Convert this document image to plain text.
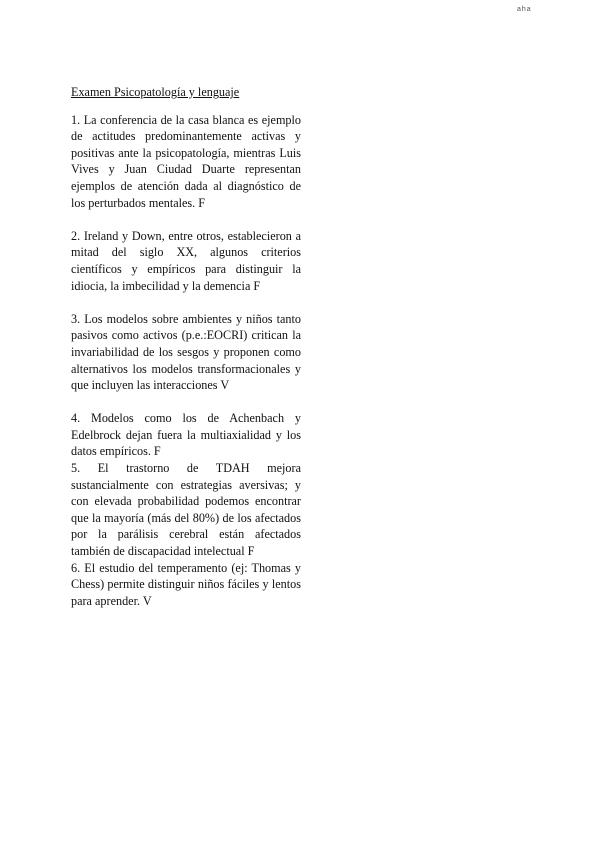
aha
Examen Psicopatología y lenguaje

1. La conferencia de la casa blanca es ejemplo de actitudes predominantemente activas y positivas ante la psicopatología, mientras Luis Vives y Juan Ciudad Duarte representan ejemplos de atención dada al diagnóstico de los perturbados mentales. F

2. Ireland y Down, entre otros, establecieron a mitad del siglo XX, algunos criterios científicos y empíricos para distinguir la idiocia, la imbecilidad y la demencia F

3. Los modelos sobre ambientes y niños tanto pasivos como activos (p.e.:EOCRI) critican la invariabilidad de los sesgos y proponen como alternativos los modelos transformacionales y que incluyen las interacciones V

4. Modelos como los de Achenbach y Edelbrock dejan fuera la multiaxialidad y los datos empíricos. F

5. El trastorno de TDAH mejora sustancialmente con estrategias aversivas; y con elevada probabilidad podemos encontrar que la mayoría (más del 80%) de los afectados por la parálisis cerebral están afectados también de discapacidad intelectual F

6. El estudio del temperamento (ej: Thomas y Chess) permite distinguir niños fáciles y lentos para aprender. V
